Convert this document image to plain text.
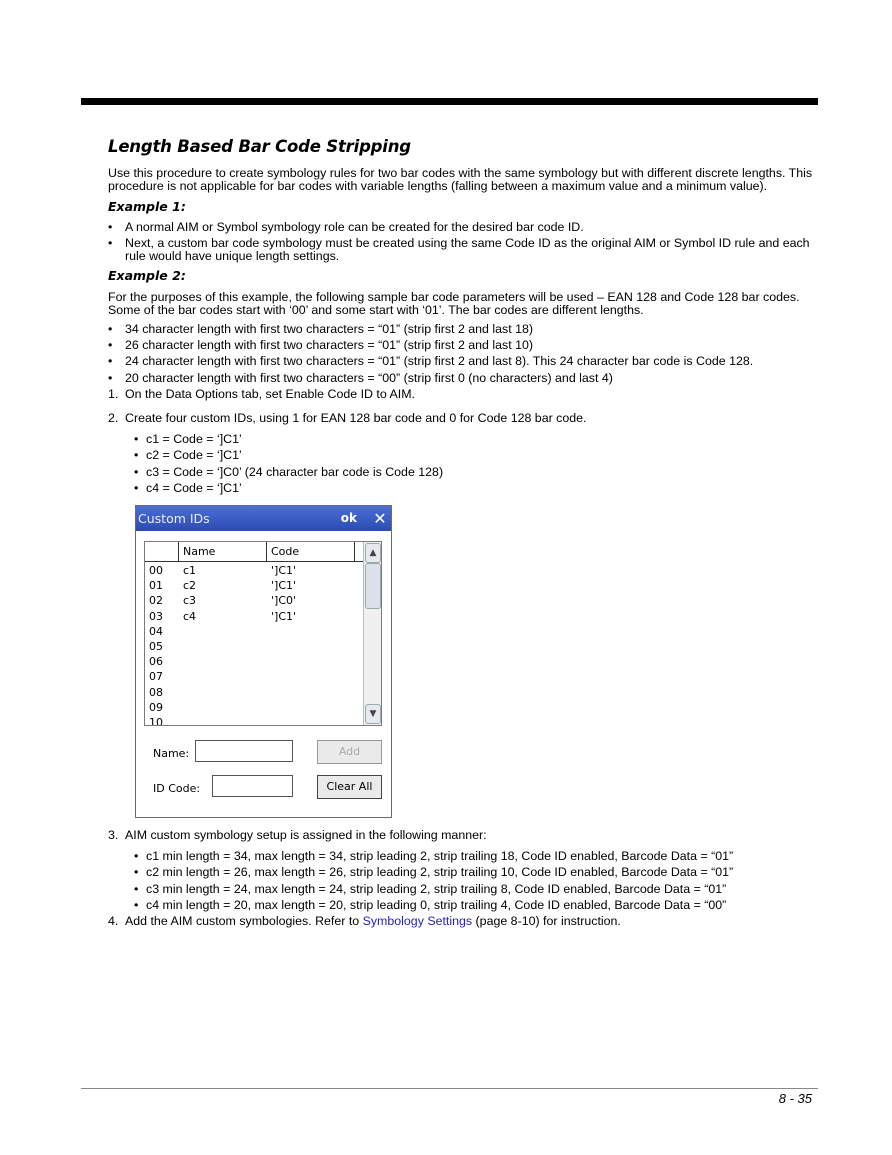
Length Based Bar Code Stripping

Use this procedure to create symbology rules for two bar codes with the same symbology but with different discrete lengths. This procedure is not applicable for bar codes with variable lengths (falling between a maximum value and a minimum value).

Example 1:
• A normal AIM or Symbol symbology role can be created for the desired bar code ID.
• Next, a custom bar code symbology must be created using the same Code ID as the original AIM or Symbol ID rule and each rule would have unique length settings.
Example 2:

For the purposes of this example, the following sample bar code parameters will be used – EAN 128 and Code 128 bar codes. Some of the bar codes start with ‘00’ and some start with ‘01’. The bar codes are different lengths.

• 34 character length with first two characters = “01” (strip first 2 and last 18)
• 26 character length with first two characters = “01” (strip first 2 and last 10)
• 24 character length with first two characters = “01” (strip first 2 and last 8). This 24 character bar code is Code 128.
• 20 character length with first two characters = “00” (strip first 0 (no characters) and last 4)
1. On the Data Options tab, set Enable Code ID to AIM.
2. Create four custom IDs, using 1 for EAN 128 bar code and 0 for Code 128 bar code.
• c1 = Code = ‘]C1’
• c2 = Code = ‘]C1’
• c3 = Code = ‘]C0’ (24 character bar code is Code 128)
• c4 = Code = ‘]C1’
Custom IDs	ok ✕
Name	Code
00	c1	']C1'
01	c2	']C1'
02	c3	']C0'
03	c4	']C1'
04
05
06
07
08
09
10
▲
▼
Name:	Add
ID Code:	Clear All
3. AIM custom symbology setup is assigned in the following manner:
• c1 min length = 34, max length = 34, strip leading 2, strip trailing 18, Code ID enabled, Barcode Data = “01”
• c2 min length = 26, max length = 26, strip leading 2, strip trailing 10, Code ID enabled, Barcode Data = “01”
• c3 min length = 24, max length = 24, strip leading 2, strip trailing 8, Code ID enabled, Barcode Data = “01”
• c4 min length = 20, max length = 20, strip leading 0, strip trailing 4, Code ID enabled, Barcode Data = “00”
4. Add the AIM custom symbologies. Refer to Symbology Settings (page 8-10) for instruction.
8 - 35
